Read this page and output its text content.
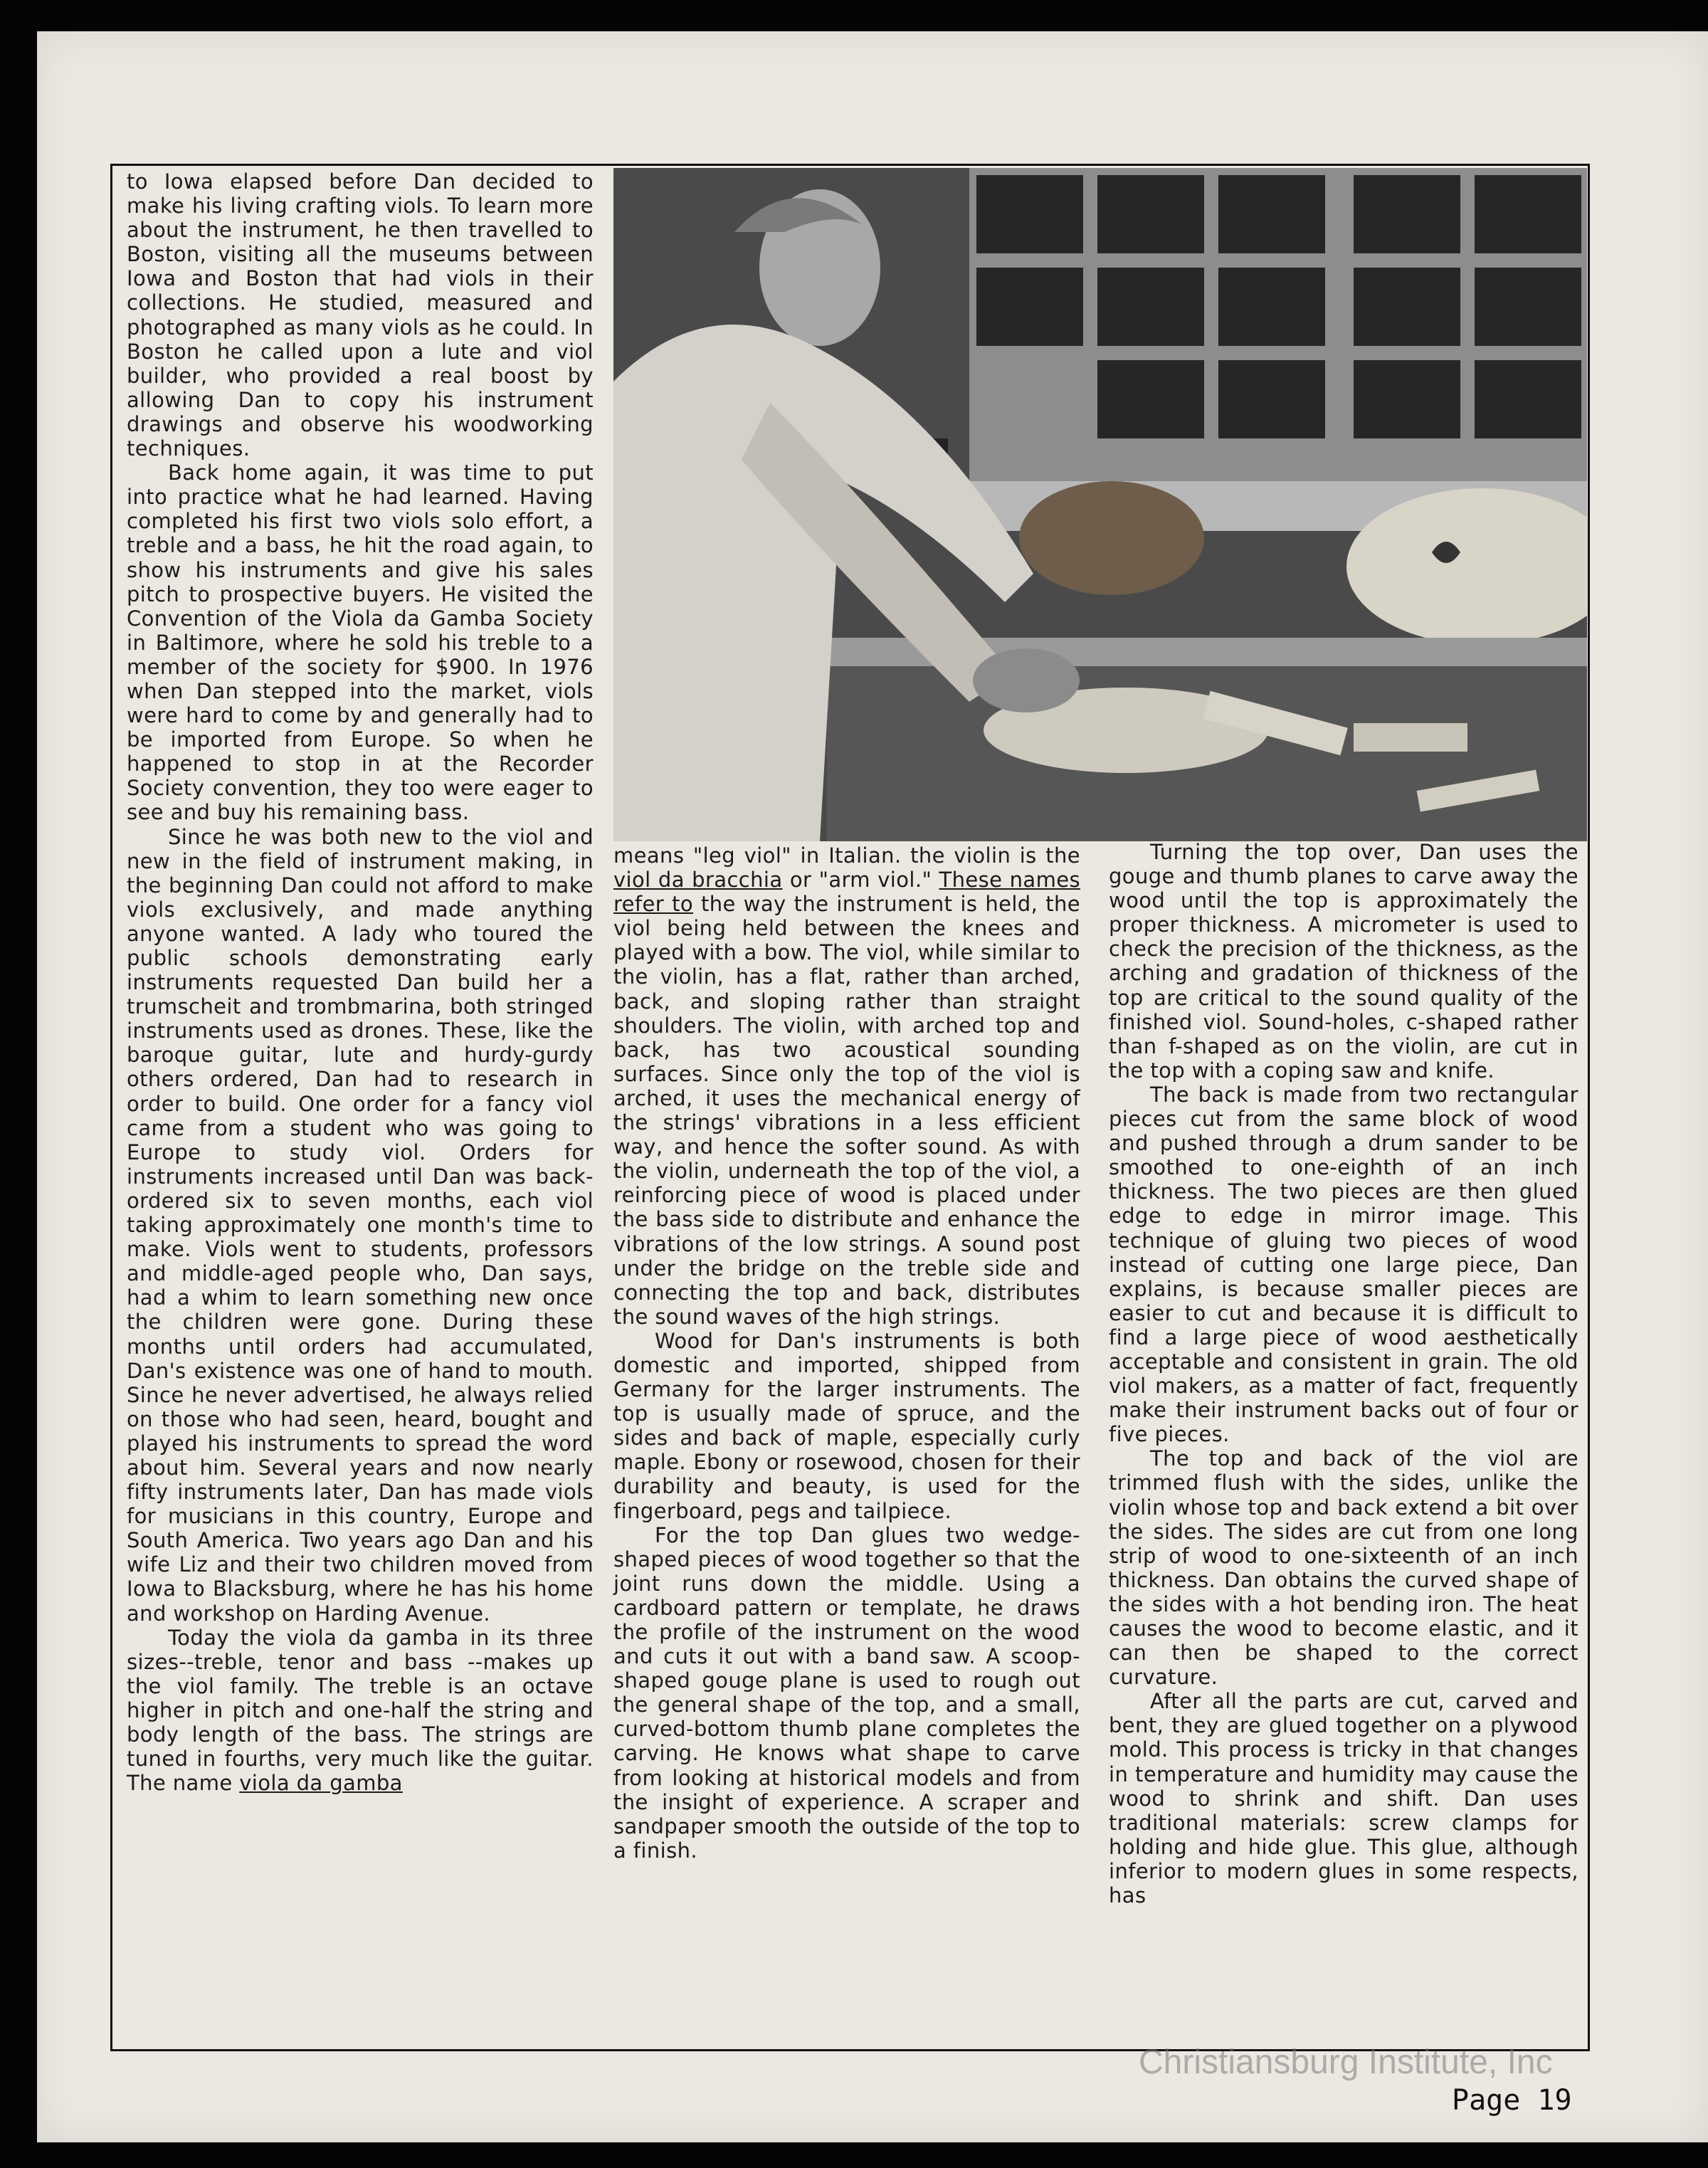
to Iowa elapsed before Dan decided to make his living crafting viols. To learn more about the instrument, he then travelled to Boston, visiting all the museums between Iowa and Boston that had viols in their collections. He studied, measured and photographed as many viols as he could. In Boston he called upon a lute and viol builder, who provided a real boost by allowing Dan to copy his instrument drawings and observe his woodworking techniques.

Back home again, it was time to put into practice what he had learned. Having completed his first two viols solo effort, a treble and a bass, he hit the road again, to show his instruments and give his sales pitch to prospective buyers. He visited the Convention of the Viola da Gamba Society in Baltimore, where he sold his treble to a member of the society for $900. In 1976 when Dan stepped into the market, viols were hard to come by and generally had to be imported from Europe. So when he happened to stop in at the Recorder Society convention, they too were eager to see and buy his remaining bass.

Since he was both new to the viol and new in the field of instrument making, in the beginning Dan could not afford to make viols exclusively, and made anything anyone wanted. A lady who toured the public schools demonstrating early instruments requested Dan build her a trumscheit and trombmarina, both stringed instruments used as drones. These, like the baroque guitar, lute and hurdy-gurdy others ordered, Dan had to research in order to build. One order for a fancy viol came from a student who was going to Europe to study viol. Orders for instruments increased until Dan was back-ordered six to seven months, each viol taking approximately one month's time to make. Viols went to students, professors and middle-aged people who, Dan says, had a whim to learn something new once the children were gone. During these months until orders had accumulated, Dan's existence was one of hand to mouth. Since he never advertised, he always relied on those who had seen, heard, bought and played his instruments to spread the word about him. Several years and now nearly fifty instruments later, Dan has made viols for musicians in this country, Europe and South America. Two years ago Dan and his wife Liz and their two children moved from Iowa to Blacksburg, where he has his home and workshop on Harding Avenue.

Today the viola da gamba in its three sizes--treble, tenor and bass --makes up the viol family. The treble is an octave higher in pitch and one-half the string and body length of the bass. The strings are tuned in fourths, very much like the guitar. The name viola da gamba

means "leg viol" in Italian. the violin is the viol da bracchia or "arm viol." These names refer to the way the instrument is held, the viol being held between the knees and played with a bow. The viol, while similar to the violin, has a flat, rather than arched, back, and sloping rather than straight shoulders. The violin, with arched top and back, has two acoustical sounding surfaces. Since only the top of the viol is arched, it uses the mechanical energy of the strings' vibrations in a less efficient way, and hence the softer sound. As with the violin, underneath the top of the viol, a reinforcing piece of wood is placed under the bass side to distribute and enhance the vibrations of the low strings. A sound post under the bridge on the treble side and connecting the top and back, distributes the sound waves of the high strings.

Wood for Dan's instruments is both domestic and imported, shipped from Germany for the larger instruments. The top is usually made of spruce, and the sides and back of maple, especially curly maple. Ebony or rosewood, chosen for their durability and beauty, is used for the fingerboard, pegs and tailpiece.

For the top Dan glues two wedge-shaped pieces of wood together so that the joint runs down the middle. Using a cardboard pattern or template, he draws the profile of the instrument on the wood and cuts it out with a band saw. A scoop-shaped gouge plane is used to rough out the general shape of the top, and a small, curved-bottom thumb plane completes the carving. He knows what shape to carve from looking at historical models and from the insight of experience. A scraper and sandpaper smooth the outside of the top to a finish.

Turning the top over, Dan uses the gouge and thumb planes to carve away the wood until the top is approximately the proper thickness. A micrometer is used to check the precision of the thickness, as the arching and gradation of thickness of the top are critical to the sound quality of the finished viol. Sound-holes, c-shaped rather than f-shaped as on the violin, are cut in the top with a coping saw and knife.

The back is made from two rectangular pieces cut from the same block of wood and pushed through a drum sander to be smoothed to one-eighth of an inch thickness. The two pieces are then glued edge to edge in mirror image. This technique of gluing two pieces of wood instead of cutting one large piece, Dan explains, is because smaller pieces are easier to cut and because it is difficult to find a large piece of wood aesthetically acceptable and consistent in grain. The old viol makers, as a matter of fact, frequently make their instrument backs out of four or five pieces.

The top and back of the viol are trimmed flush with the sides, unlike the violin whose top and back extend a bit over the sides. The sides are cut from one long strip of wood to one-sixteenth of an inch thickness. Dan obtains the curved shape of the sides with a hot bending iron. The heat causes the wood to become elastic, and it can then be shaped to the correct curvature.

After all the parts are cut, carved and bent, they are glued together on a plywood mold. This process is tricky in that changes in temperature and humidity may cause the wood to shrink and shift. Dan uses traditional materials: screw clamps for holding and hide glue. This glue, although inferior to modern glues in some respects, has

Christiansburg Institute, Inc
Page 19
